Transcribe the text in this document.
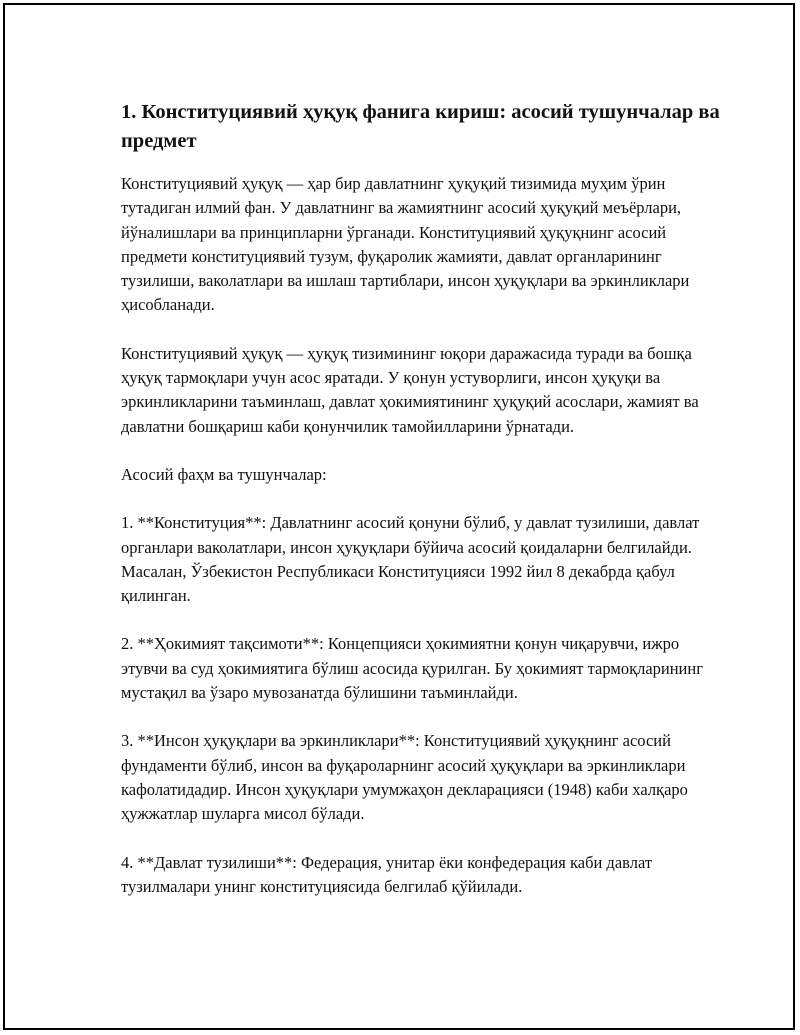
1. Конституциявий ҳуқуқ фанига кириш: асосий тушунчалар ва предмет

Конституциявий ҳуқуқ — ҳар бир давлатнинг ҳуқуқий тизимида муҳим ўрин тутадиган илмий фан. У давлатнинг ва жамиятнинг асосий ҳуқуқий меъёрлари, йўналишлари ва принципларни ўрганади. Конституциявий ҳуқуқнинг асосий предмети конституциявий тузум, фуқаролик жамияти, давлат органларининг тузилиши, ваколатлари ва ишлаш тартиблари, инсон ҳуқуқлари ва эркинликлари ҳисобланади.

Конституциявий ҳуқуқ — ҳуқуқ тизимининг юқори даражасида туради ва бошқа ҳуқуқ тармоқлари учун асос яратади. У қонун устуворлиги, инсон ҳуқуқи ва эркинликларини таъминлаш, давлат ҳокимиятининг ҳуқуқий асослари, жамият ва давлатни бошқариш каби қонунчилик тамойилларини ўрнатади.

Асосий фаҳм ва тушунчалар:

1. **Конституция**: Давлатнинг асосий қонуни бўлиб, у давлат тузилиши, давлат органлари ваколатлари, инсон ҳуқуқлари бўйича асосий қоидаларни белгилайди. Масалан, Ўзбекистон Республикаси Конституцияси 1992 йил 8 декабрда қабул қилинган.

2. **Ҳокимият тақсимоти**: Концепцияси ҳокимиятни қонун чиқарувчи, ижро этувчи ва суд ҳокимиятига бўлиш асосида қурилган. Бу ҳокимият тармоқларининг мустақил ва ўзаро мувозанатда бўлишини таъминлайди.

3. **Инсон ҳуқуқлари ва эркинликлари**: Конституциявий ҳуқуқнинг асосий фундаменти бўлиб, инсон ва фуқароларнинг асосий ҳуқуқлари ва эркинликлари кафолатидадир. Инсон ҳуқуқлари умумжаҳон декларацияси (1948) каби халқаро ҳужжатлар шуларга мисол бўлади.

4. **Давлат тузилиши**: Федерация, унитар ёки конфедерация каби давлат тузилмалари унинг конституциясида белгилаб қўйилади.
